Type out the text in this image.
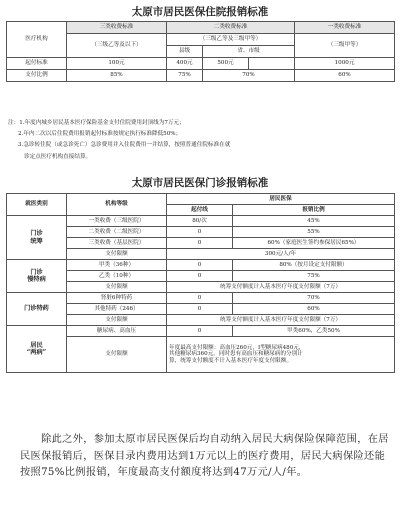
太原市居民医保住院报销标准
医疗机构	三类收费标准	二类收费标准			一类收费标准
	（三级乙等及以下）	（三级乙等及三级甲等）			（三级甲等）
		县级	省、市级		
起付标准	100元	400元	500元		1000元
支付比例	85%	75%	70%		60%
注：1.年度内城乡居民基本医疗保险基金支付住院费用封顶线为7万元；
2.年内二次以后住院费用报销起付标准按规定执行标准降低50%；
3.急诊转住院（或急诊死亡）急诊费用并入住院费用一并结算，按照普通住院标准在就
诊定点医疗机构直接结算。
太原市居民医保门诊报销标准
就医类别	机构等级	居民医保	
		起付线	报销比例

门诊
统筹	一类收费（三级医院）	80/次	45%
	二类收费（二级医院）	0	55%
	三类收费（基层医院）	0	60%（家庭医生签约参保居民65%）
	支付限额	300元/人/年	

门诊
慢特病	甲类（36种）	0	80%（按月设定支付限额）
	乙类（10种）	0	75%
	支付限额	统筹支付额度计入基本医疗年度支付限额（7万）	
门诊特药	肾脏6种特药	0	70%
	其他特药（246）	0	60%
	支付限额	统筹支付额度计入基本医疗年度支付限额（7万）	

居民
“两病”	糖尿病、高血压	0	甲类60%，乙类50%
	支付限额	年度最高支付限额：高血压260元，Ⅰ型糖尿病480元，
其他糖尿病360元。同时患有高血压和糖尿病的分别计
算，统筹支付额度不计入基本医疗年度支付限额。	
　　除此之外，参加太原市居民医保后均自动纳入居民大病保险保障范围，在居民医保报销后，医保目录内费用达到1万元以上的医疗费用，居民大病保险还能按照75%比例报销，年度最高支付额度将达到47万元/人/年。
